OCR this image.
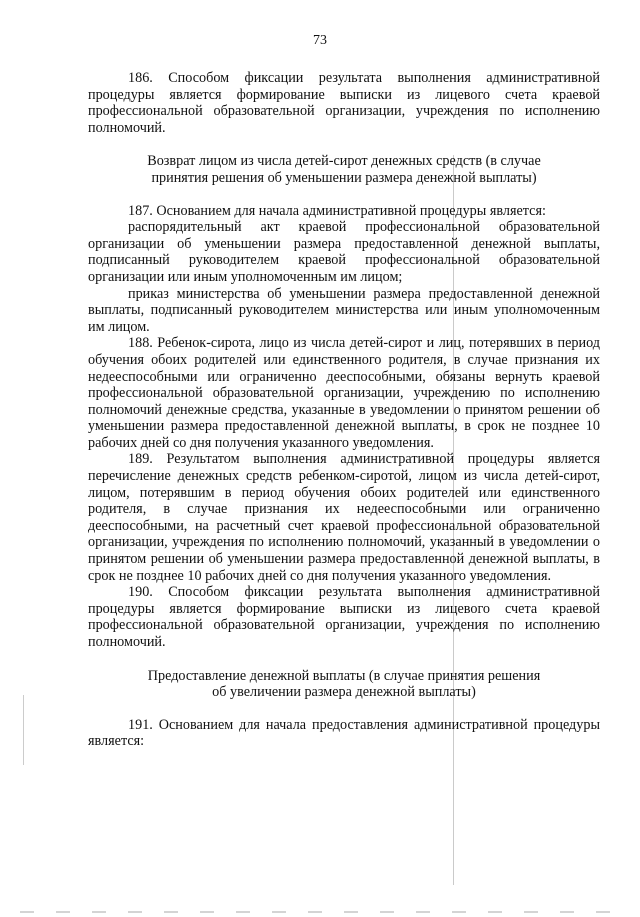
73

186. Способом фиксации результата выполнения административной процедуры является формирование выписки из лицевого счета краевой профессиональной образовательной организации, учреждения по исполнению полномочий.

Возврат лицом из числа детей-сирот денежных средств (в случае
принятия решения об уменьшении размера денежной выплаты)

187. Основанием для начала административной процедуры является:

распорядительный акт краевой профессиональной образовательной организации об уменьшении размера предоставленной денежной выплаты, подписанный руководителем краевой профессиональной образовательной организации или иным уполномоченным им лицом;

приказ министерства об уменьшении размера предоставленной денежной выплаты, подписанный руководителем министерства или иным уполномоченным им лицом.

188. Ребенок-сирота, лицо из числа детей-сирот и лиц, потерявших в период обучения обоих родителей или единственного родителя, в случае признания их недееспособными или ограниченно дееспособными, обязаны вернуть краевой профессиональной образовательной организации, учреждению по исполнению полномочий денежные средства, указанные в уведомлении о принятом решении об уменьшении размера предоставленной денежной выплаты, в срок не позднее 10 рабочих дней со дня получения указанного уведомления.

189. Результатом выполнения административной процедуры является перечисление денежных средств ребенком-сиротой, лицом из числа детей-сирот, лицом, потерявшим в период обучения обоих родителей или единственного родителя, в случае признания их недееспособными или ограниченно дееспособными, на расчетный счет краевой профессиональной образовательной организации, учреждения по исполнению полномочий, указанный в уведомлении о принятом решении об уменьшении размера предоставленной денежной выплаты, в срок не позднее 10 рабочих дней со дня получения указанного уведомления.

190. Способом фиксации результата выполнения административной процедуры является формирование выписки из лицевого счета краевой профессиональной образовательной организации, учреждения по исполнению полномочий.

Предоставление денежной выплаты (в случае принятия решения
об увеличении размера денежной выплаты)

191. Основанием для начала предоставления административной процедуры является:
